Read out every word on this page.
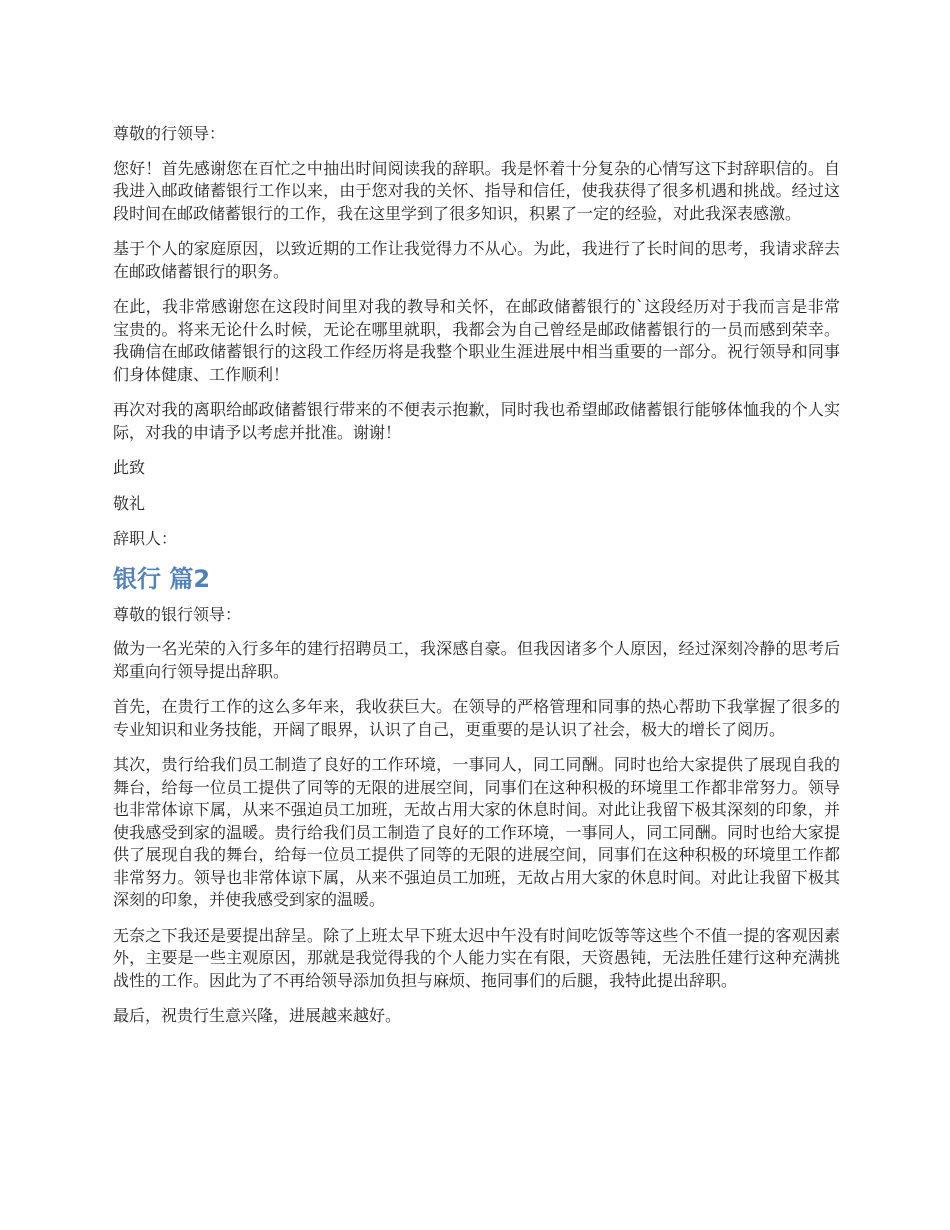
尊敬的行领导：

您好！首先感谢您在百忙之中抽出时间阅读我的辞职。我是怀着十分复杂的心情写这下封辞职信的。自我进入邮政储蓄银行工作以来，由于您对我的关怀、指导和信任，使我获得了很多机遇和挑战。经过这段时间在邮政储蓄银行的工作，我在这里学到了很多知识，积累了一定的经验，对此我深表感激。

基于个人的家庭原因，以致近期的工作让我觉得力不从心。为此，我进行了长时间的思考，我请求辞去在邮政储蓄银行的职务。

在此，我非常感谢您在这段时间里对我的教导和关怀，在邮政储蓄银行的`这段经历对于我而言是非常宝贵的。将来无论什么时候，无论在哪里就职，我都会为自己曾经是邮政储蓄银行的一员而感到荣幸。我确信在邮政储蓄银行的这段工作经历将是我整个职业生涯进展中相当重要的一部分。祝行领导和同事们身体健康、工作顺利！

再次对我的离职给邮政储蓄银行带来的不便表示抱歉，同时我也希望邮政储蓄银行能够体恤我的个人实际，对我的申请予以考虑并批准。谢谢！

此致

敬礼

辞职人：

银行 篇2

尊敬的银行领导：

做为一名光荣的入行多年的建行招聘员工，我深感自豪。但我因诸多个人原因，经过深刻冷静的思考后郑重向行领导提出辞职。

首先，在贵行工作的这么多年来，我收获巨大。在领导的严格管理和同事的热心帮助下我掌握了很多的专业知识和业务技能，开阔了眼界，认识了自己，更重要的是认识了社会，极大的增长了阅历。

其次，贵行给我们员工制造了良好的工作环境，一事同人，同工同酬。同时也给大家提供了展现自我的舞台，给每一位员工提供了同等的无限的进展空间，同事们在这种积极的环境里工作都非常努力。领导也非常体谅下属，从来不强迫员工加班，无故占用大家的休息时间。对此让我留下极其深刻的印象，并使我感受到家的温暖。贵行给我们员工制造了良好的工作环境，一事同人，同工同酬。同时也给大家提供了展现自我的舞台，给每一位员工提供了同等的无限的进展空间，同事们在这种积极的环境里工作都非常努力。领导也非常体谅下属，从来不强迫员工加班，无故占用大家的休息时间。对此让我留下极其深刻的印象，并使我感受到家的温暖。

无奈之下我还是要提出辞呈。除了上班太早下班太迟中午没有时间吃饭等等这些个不值一提的客观因素外，主要是一些主观原因，那就是我觉得我的个人能力实在有限，天资愚钝，无法胜任建行这种充满挑战性的工作。因此为了不再给领导添加负担与麻烦、拖同事们的后腿，我特此提出辞职。

最后，祝贵行生意兴隆，进展越来越好。
